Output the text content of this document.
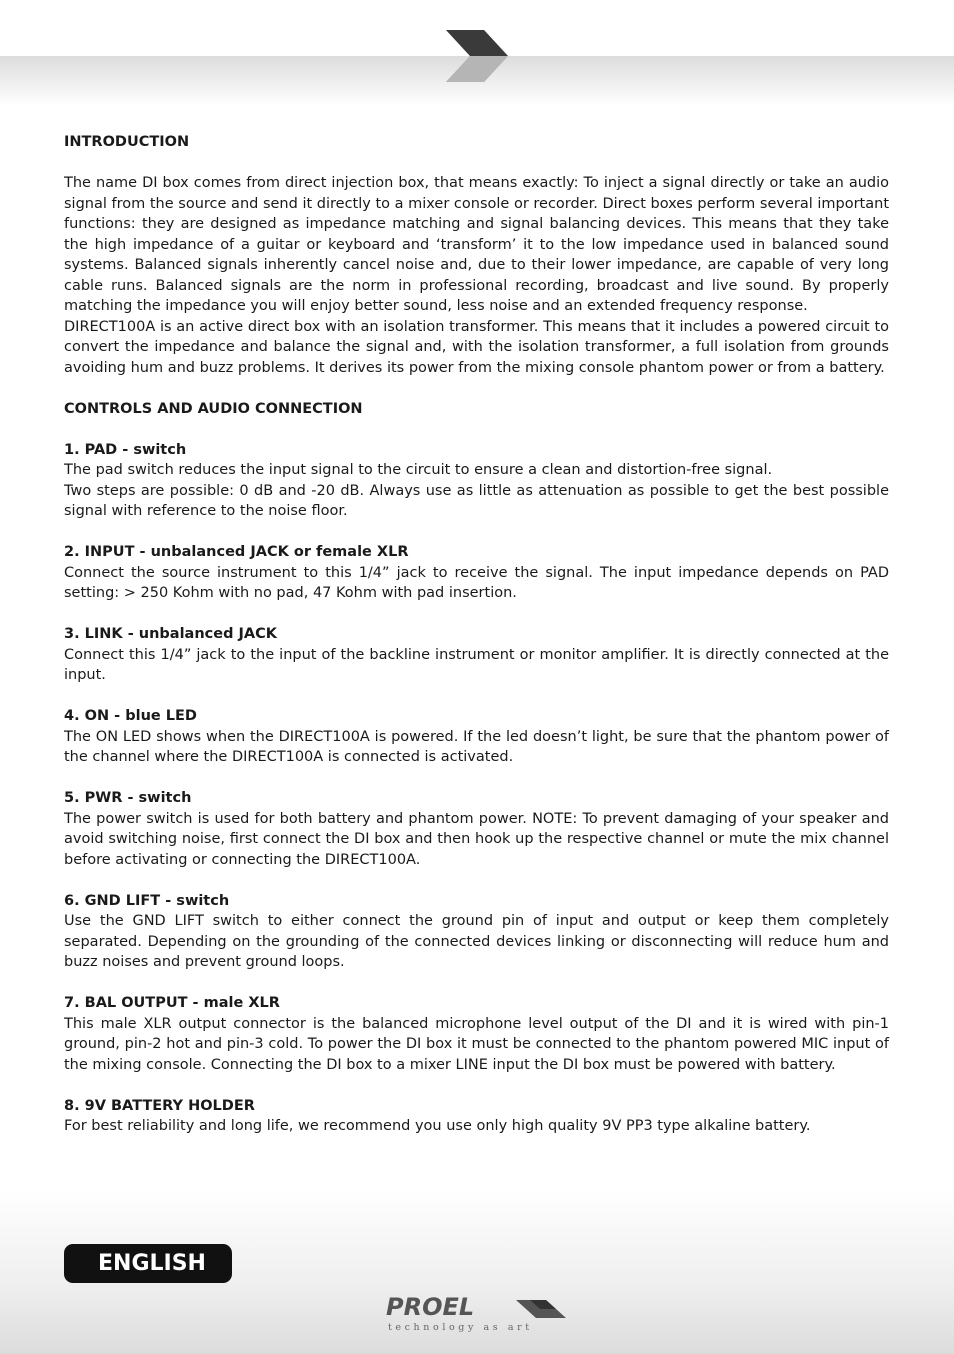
INTRODUCTION

The name DI box comes from direct injection box, that means exactly: To inject a signal directly or take an audio signal from the source and send it directly to a mixer console or recorder. Direct boxes perform several important functions: they are designed as impedance matching and signal balancing devices. This means that they take the high impedance of a guitar or keyboard and ‘transform’ it to the low impedance used in balanced sound systems. Balanced signals inherently cancel noise and, due to their lower impedance, are capable of very long cable runs. Balanced signals are the norm in professional recording, broadcast and live sound. By properly matching the impedance you will enjoy better sound, less noise and an extended frequency response.

DIRECT100A is an active direct box with an isolation transformer. This means that it includes a powered circuit to convert the impedance and balance the signal and, with the isolation transformer, a full isolation from grounds avoiding hum and buzz problems. It derives its power from the mixing console phantom power or from a battery.

CONTROLS AND AUDIO CONNECTION
1. PAD - switch

The pad switch reduces the input signal to the circuit to ensure a clean and distortion-free signal.

Two steps are possible: 0 dB and -20 dB. Always use as little as attenuation as possible to get the best possible signal with reference to the noise floor.

2. INPUT - unbalanced JACK or female XLR

Connect the source instrument to this 1/4” jack to receive the signal. The input impedance depends on PAD setting: > 250 Kohm with no pad, 47 Kohm with pad insertion.

3. LINK - unbalanced JACK

Connect this 1/4” jack to the input of the backline instrument or monitor amplifier. It is directly connected at the input.

4. ON - blue LED

The ON LED shows when the DIRECT100A is powered. If the led doesn’t light, be sure that the phantom power of the channel where the DIRECT100A is connected is activated.

5. PWR - switch

The power switch is used for both battery and phantom power. NOTE: To prevent damaging of your speaker and avoid switching noise, first connect the DI box and then hook up the respective channel or mute the mix channel before activating or connecting the DIRECT100A.

6. GND LIFT - switch

Use the GND LIFT switch to either connect the ground pin of input and output or keep them completely separated. Depending on the grounding of the connected devices linking or disconnecting will reduce hum and buzz noises and prevent ground loops.

7. BAL OUTPUT - male XLR

This male XLR output connector is the balanced microphone level output of the DI and it is wired with pin-1 ground, pin-2 hot and pin-3 cold. To power the DI box it must be connected to the phantom powered MIC input of the mixing console. Connecting the DI box to a mixer LINE input the DI box must be powered with battery.

8. 9V BATTERY HOLDER

For best reliability and long life, we recommend you use only high quality 9V PP3 type alkaline battery.

ENGLISH
PROEL
technology as art
